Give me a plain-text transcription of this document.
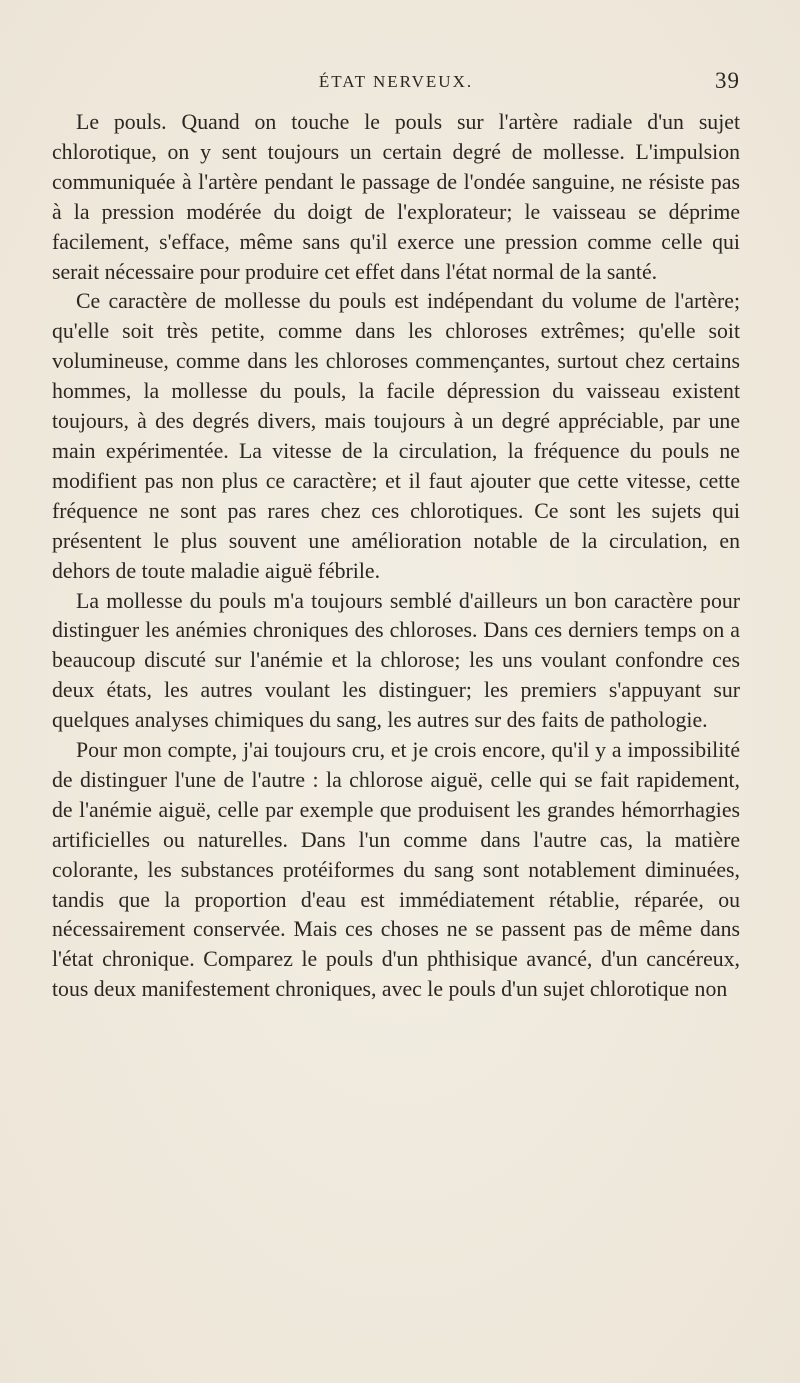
ÉTAT NERVEUX.	39

Le pouls. Quand on touche le pouls sur l'artère radiale d'un sujet chlorotique, on y sent toujours un certain degré de mollesse. L'impulsion communiquée à l'artère pendant le passage de l'ondée sanguine, ne résiste pas à la pression modérée du doigt de l'explorateur; le vaisseau se déprime facilement, s'efface, même sans qu'il exerce une pression comme celle qui serait nécessaire pour produire cet effet dans l'état normal de la santé.

Ce caractère de mollesse du pouls est indépendant du volume de l'artère; qu'elle soit très petite, comme dans les chloroses extrêmes; qu'elle soit volumineuse, comme dans les chloroses commençantes, surtout chez certains hommes, la mollesse du pouls, la facile dépression du vaisseau existent toujours, à des degrés divers, mais toujours à un degré appréciable, par une main expérimentée. La vitesse de la circulation, la fréquence du pouls ne modifient pas non plus ce caractère; et il faut ajouter que cette vitesse, cette fréquence ne sont pas rares chez ces chlorotiques. Ce sont les sujets qui présentent le plus souvent une amélioration notable de la circulation, en dehors de toute maladie aiguë fébrile.

La mollesse du pouls m'a toujours semblé d'ailleurs un bon caractère pour distinguer les anémies chroniques des chloroses. Dans ces derniers temps on a beaucoup discuté sur l'anémie et la chlorose; les uns voulant confondre ces deux états, les autres voulant les distinguer; les premiers s'appuyant sur quelques analyses chimiques du sang, les autres sur des faits de pathologie.

Pour mon compte, j'ai toujours cru, et je crois encore, qu'il y a impossibilité de distinguer l'une de l'autre : la chlorose aiguë, celle qui se fait rapidement, de l'anémie aiguë, celle par exemple que produisent les grandes hémorrhagies artificielles ou naturelles. Dans l'un comme dans l'autre cas, la matière colorante, les substances protéiformes du sang sont notablement diminuées, tandis que la proportion d'eau est immédiatement rétablie, réparée, ou nécessairement conservée. Mais ces choses ne se passent pas de même dans l'état chronique. Comparez le pouls d'un phthisique avancé, d'un cancéreux, tous deux manifestement chroniques, avec le pouls d'un sujet chlorotique non
